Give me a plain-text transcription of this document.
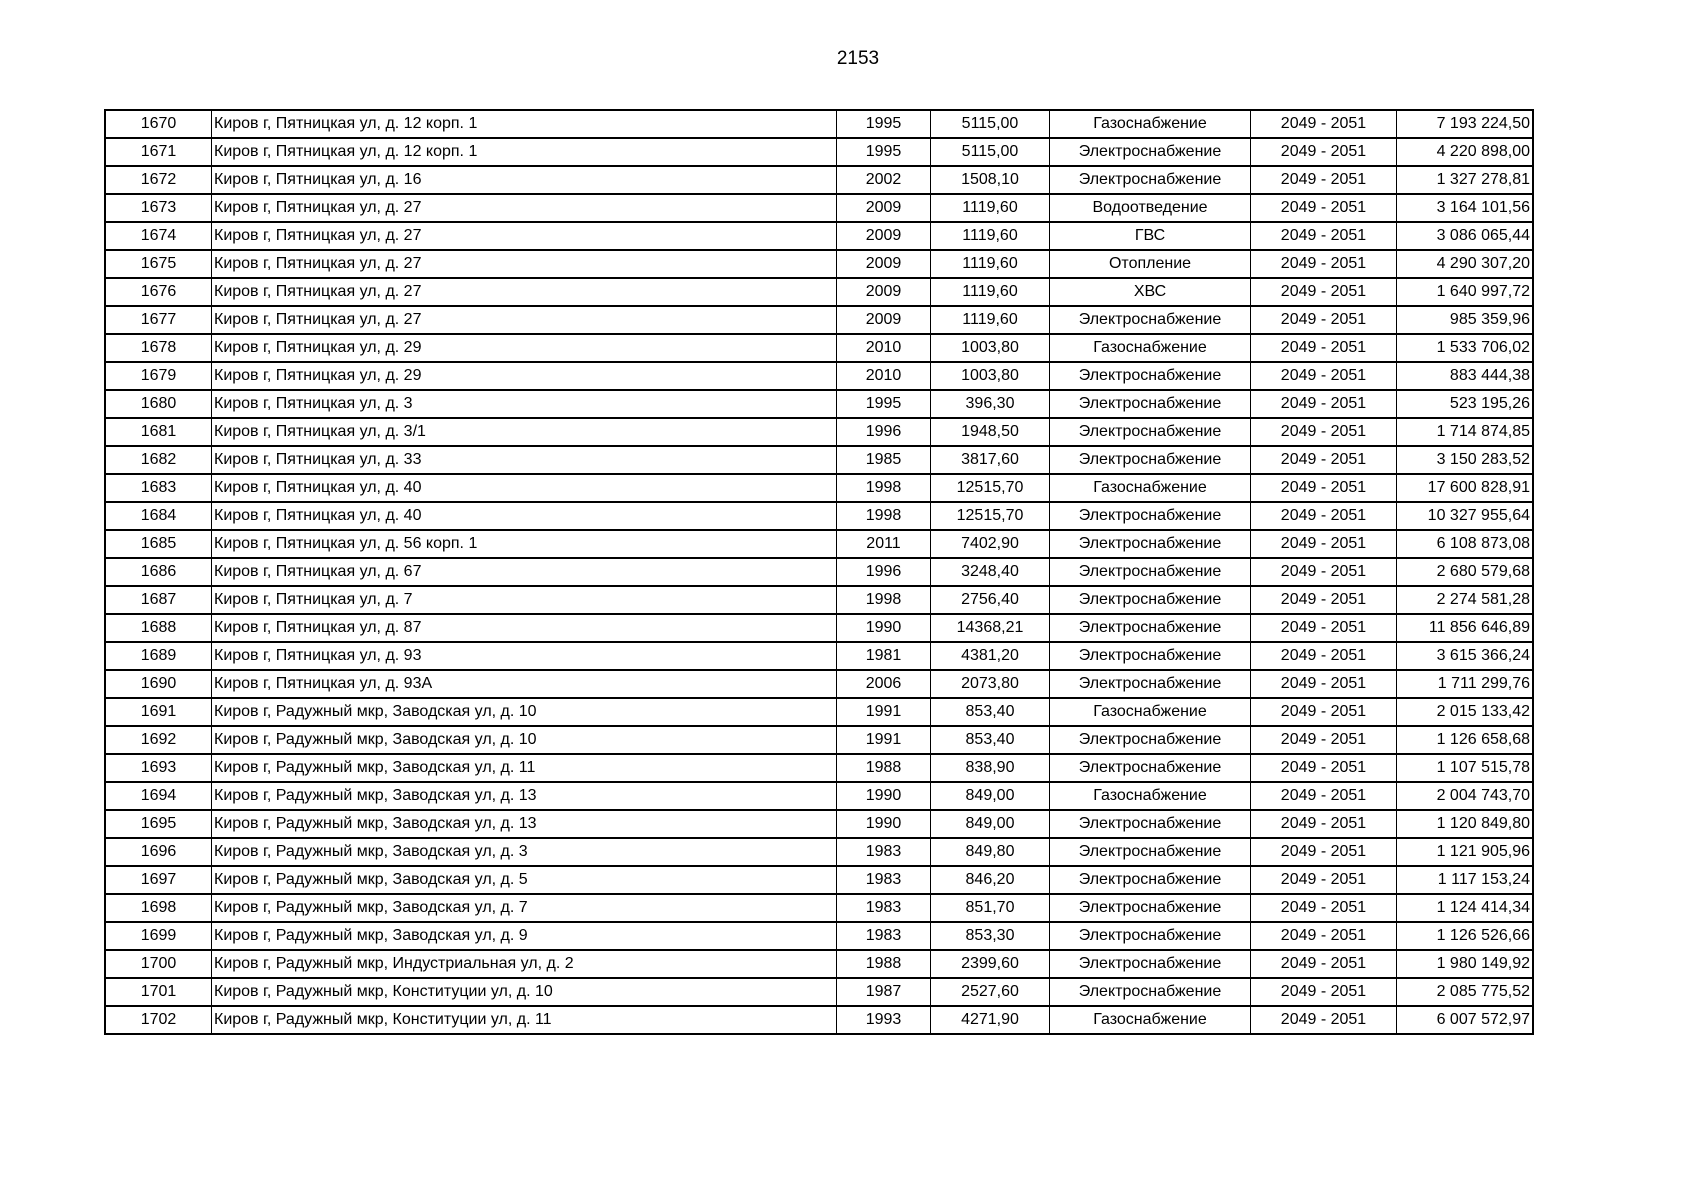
2153
1670	Киров г, Пятницкая ул, д. 12 корп. 1	1995	5115,00	Газоснабжение	2049 - 2051	7 193 224,50
1671	Киров г, Пятницкая ул, д. 12 корп. 1	1995	5115,00	Электроснабжение	2049 - 2051	4 220 898,00
1672	Киров г, Пятницкая ул, д. 16	2002	1508,10	Электроснабжение	2049 - 2051	1 327 278,81
1673	Киров г, Пятницкая ул, д. 27	2009	1119,60	Водоотведение	2049 - 2051	3 164 101,56
1674	Киров г, Пятницкая ул, д. 27	2009	1119,60	ГВС	2049 - 2051	3 086 065,44
1675	Киров г, Пятницкая ул, д. 27	2009	1119,60	Отопление	2049 - 2051	4 290 307,20
1676	Киров г, Пятницкая ул, д. 27	2009	1119,60	ХВС	2049 - 2051	1 640 997,72
1677	Киров г, Пятницкая ул, д. 27	2009	1119,60	Электроснабжение	2049 - 2051	985 359,96
1678	Киров г, Пятницкая ул, д. 29	2010	1003,80	Газоснабжение	2049 - 2051	1 533 706,02
1679	Киров г, Пятницкая ул, д. 29	2010	1003,80	Электроснабжение	2049 - 2051	883 444,38
1680	Киров г, Пятницкая ул, д. 3	1995	396,30	Электроснабжение	2049 - 2051	523 195,26
1681	Киров г, Пятницкая ул, д. 3/1	1996	1948,50	Электроснабжение	2049 - 2051	1 714 874,85
1682	Киров г, Пятницкая ул, д. 33	1985	3817,60	Электроснабжение	2049 - 2051	3 150 283,52
1683	Киров г, Пятницкая ул, д. 40	1998	12515,70	Газоснабжение	2049 - 2051	17 600 828,91
1684	Киров г, Пятницкая ул, д. 40	1998	12515,70	Электроснабжение	2049 - 2051	10 327 955,64
1685	Киров г, Пятницкая ул, д. 56 корп. 1	2011	7402,90	Электроснабжение	2049 - 2051	6 108 873,08
1686	Киров г, Пятницкая ул, д. 67	1996	3248,40	Электроснабжение	2049 - 2051	2 680 579,68
1687	Киров г, Пятницкая ул, д. 7	1998	2756,40	Электроснабжение	2049 - 2051	2 274 581,28
1688	Киров г, Пятницкая ул, д. 87	1990	14368,21	Электроснабжение	2049 - 2051	11 856 646,89
1689	Киров г, Пятницкая ул, д. 93	1981	4381,20	Электроснабжение	2049 - 2051	3 615 366,24
1690	Киров г, Пятницкая ул, д. 93А	2006	2073,80	Электроснабжение	2049 - 2051	1 711 299,76
1691	Киров г, Радужный мкр, Заводская ул, д. 10	1991	853,40	Газоснабжение	2049 - 2051	2 015 133,42
1692	Киров г, Радужный мкр, Заводская ул, д. 10	1991	853,40	Электроснабжение	2049 - 2051	1 126 658,68
1693	Киров г, Радужный мкр, Заводская ул, д. 11	1988	838,90	Электроснабжение	2049 - 2051	1 107 515,78
1694	Киров г, Радужный мкр, Заводская ул, д. 13	1990	849,00	Газоснабжение	2049 - 2051	2 004 743,70
1695	Киров г, Радужный мкр, Заводская ул, д. 13	1990	849,00	Электроснабжение	2049 - 2051	1 120 849,80
1696	Киров г, Радужный мкр, Заводская ул, д. 3	1983	849,80	Электроснабжение	2049 - 2051	1 121 905,96
1697	Киров г, Радужный мкр, Заводская ул, д. 5	1983	846,20	Электроснабжение	2049 - 2051	1 117 153,24
1698	Киров г, Радужный мкр, Заводская ул, д. 7	1983	851,70	Электроснабжение	2049 - 2051	1 124 414,34
1699	Киров г, Радужный мкр, Заводская ул, д. 9	1983	853,30	Электроснабжение	2049 - 2051	1 126 526,66
1700	Киров г, Радужный мкр, Индустриальная ул, д. 2	1988	2399,60	Электроснабжение	2049 - 2051	1 980 149,92
1701	Киров г, Радужный мкр, Конституции ул, д. 10	1987	2527,60	Электроснабжение	2049 - 2051	2 085 775,52
1702	Киров г, Радужный мкр, Конституции ул, д. 11	1993	4271,90	Газоснабжение	2049 - 2051	6 007 572,97
